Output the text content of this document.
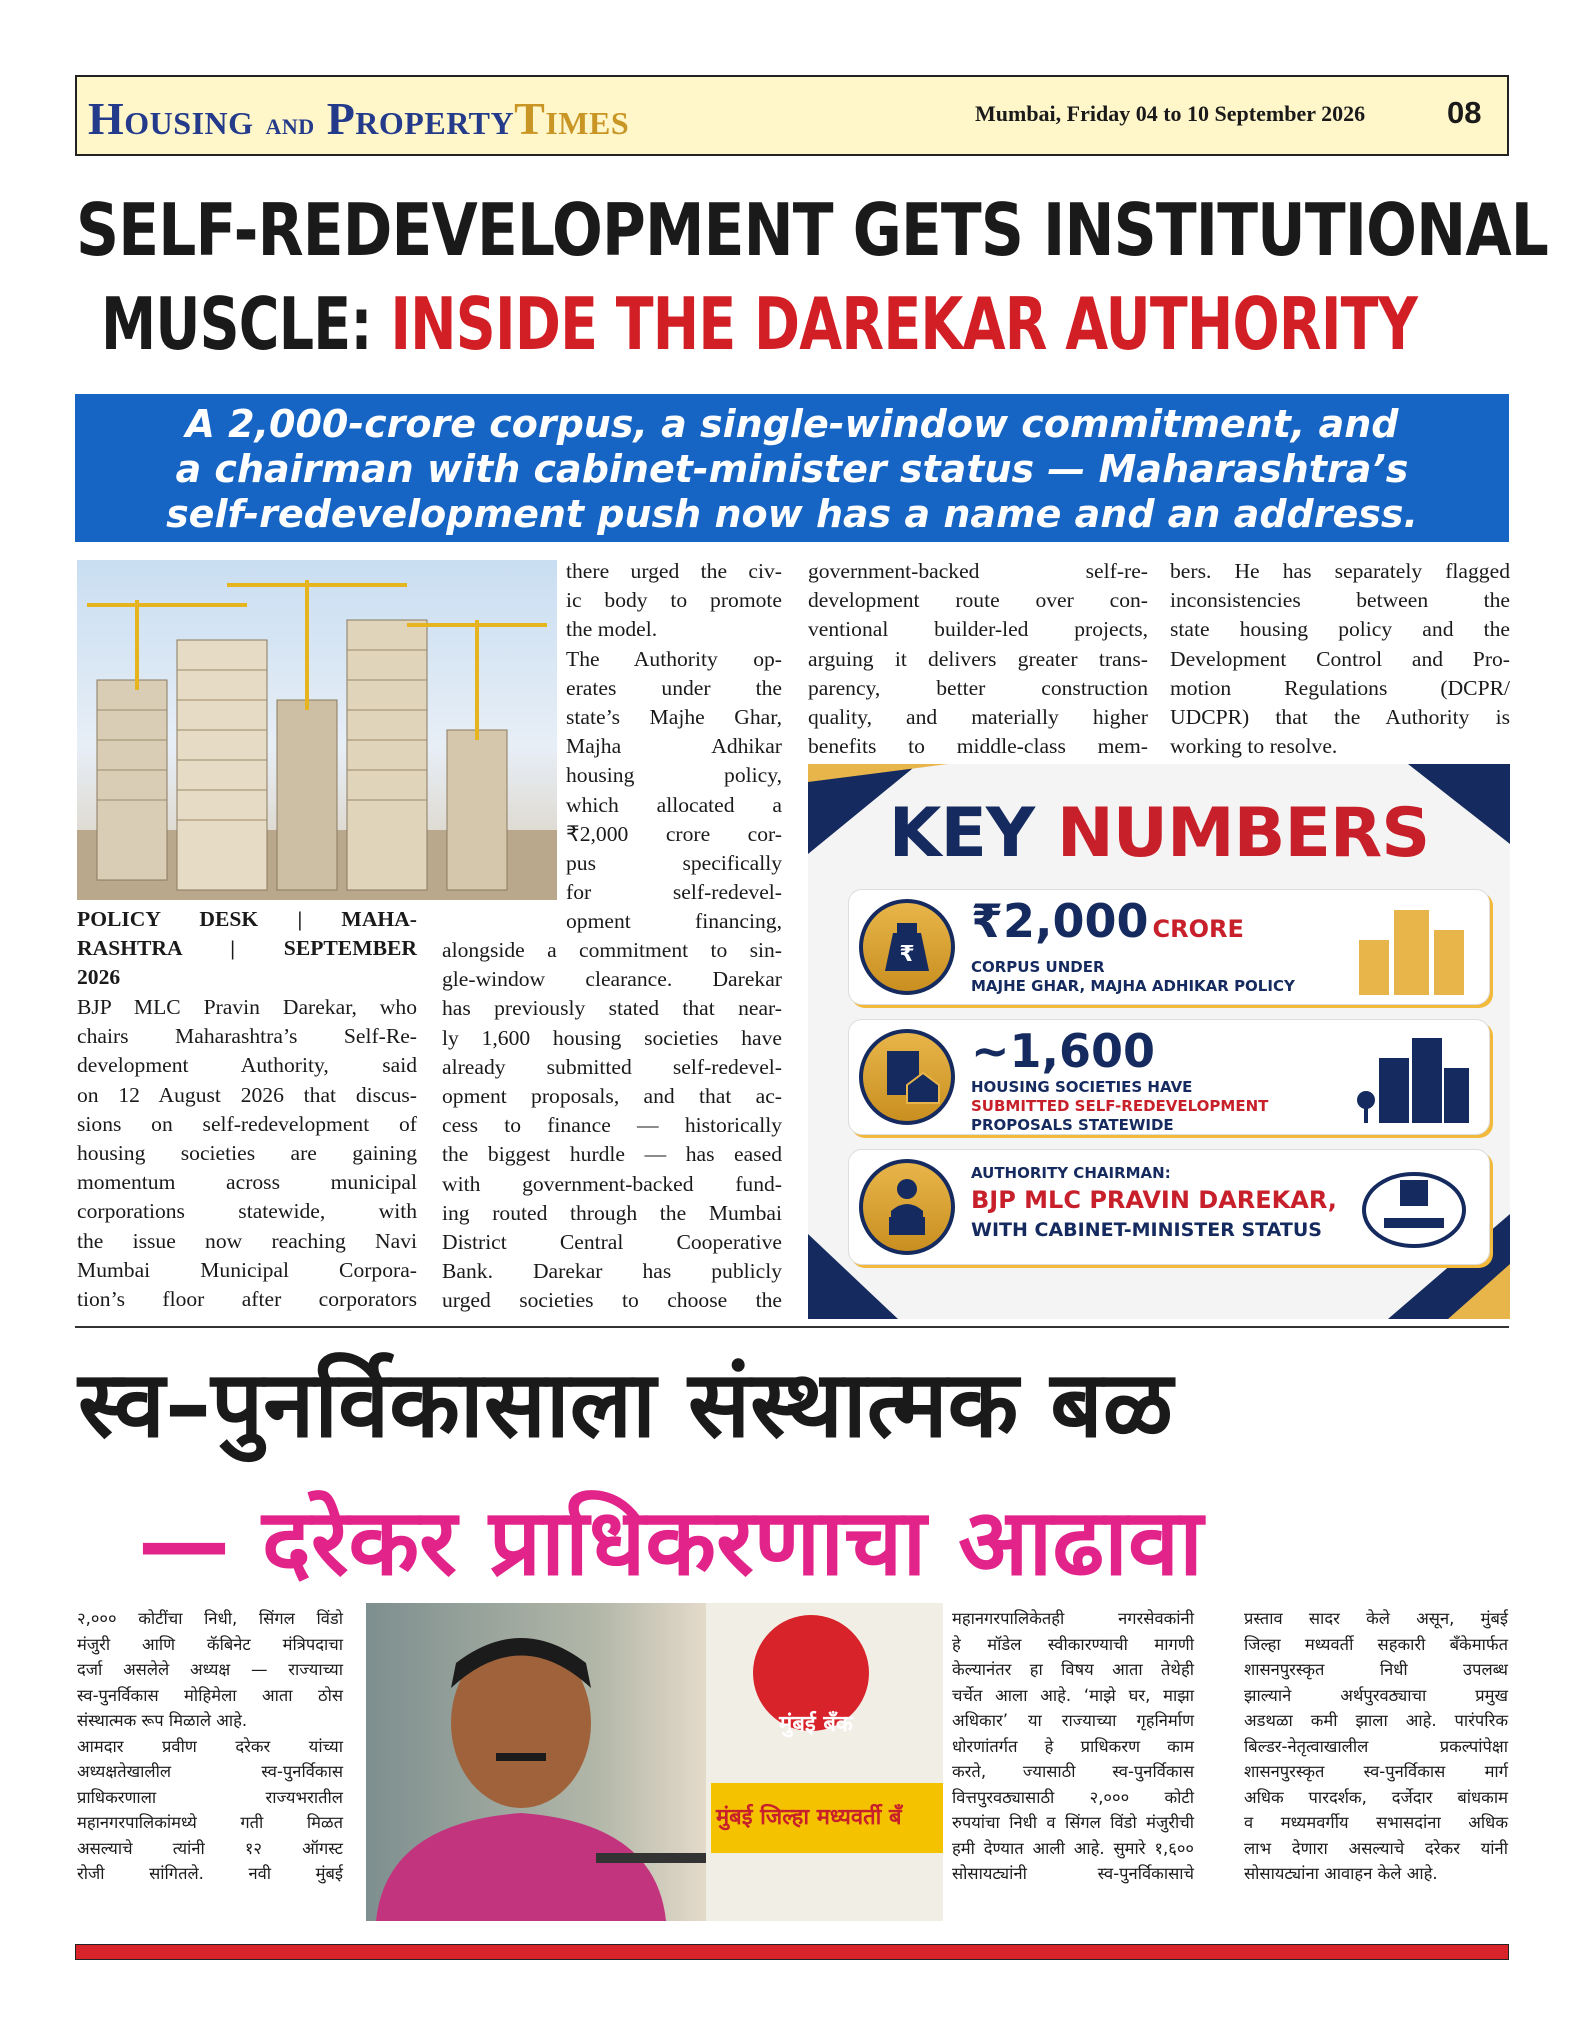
Housing and PropertyTimes	Mumbai, Friday 04 to 10 September 2026	08
SELF-REDEVELOPMENT GETS INSTITUTIONAL
MUSCLE: INSIDE THE DAREKAR AUTHORITY
A 2,000-crore corpus, a single-window commitment, and
a chairman with cabinet-minister status — Maharashtra’s
self-redevelopment push now has a name and an address.
POLICY DESK | MAHA-
RASHTRA | SEPTEMBER
2026
BJP MLC Pravin Darekar, who
chairs Maharashtra’s Self-Re-
development Authority, said
on 12 August 2026 that discus-
sions on self-redevelopment of
housing societies are gaining
momentum across municipal
corporations statewide, with
the issue now reaching Navi
Mumbai Municipal Corpora-
tion’s floor after corporators
there urged the civ-
ic body to promote
the model.
The Authority op-
erates under the
state’s Majhe Ghar,
Majha Adhikar
housing policy,
which allocated a
₹2,000 crore cor-
pus specifically
for self-redevel-
opment financing,
alongside a commitment to sin-
gle-window clearance. Darekar
has previously stated that near-
ly 1,600 housing societies have
already submitted self-redevel-
opment proposals, and that ac-
cess to finance — historically
the biggest hurdle — has eased
with government-backed fund-
ing routed through the Mumbai
District Central Cooperative
Bank. Darekar has publicly
urged societies to choose the
government-backed self-re-
development route over con-
ventional builder-led projects,
arguing it delivers greater trans-
parency, better construction
quality, and materially higher
benefits to middle-class mem-
bers. He has separately flagged
inconsistencies between the
state housing policy and the
Development Control and Pro-
motion Regulations (DCPR/
UDCPR) that the Authority is
working to resolve.
KEY NUMBERS
₹
₹2,000 CRORE
CORPUS UNDER
MAJHE GHAR, MAJHA ADHIKAR POLICY
~1,600
HOUSING SOCIETIES HAVE
SUBMITTED SELF-REDEVELOPMENT
PROPOSALS STATEWIDE
AUTHORITY CHAIRMAN:
BJP MLC PRAVIN DAREKAR,
WITH CABINET-MINISTER STATUS
स्व–पुनर्विकासाला संस्थात्मक बळ
— दरेकर प्राधिकरणाचा आढावा
२,००० कोटींचा निधी, सिंगल विंडो
मंजुरी आणि कॅबिनेट मंत्रिपदाचा
दर्जा असलेले अध्यक्ष — राज्याच्या
स्व-पुनर्विकास मोहिमेला आता ठोस
संस्थात्मक रूप मिळाले आहे.
आमदार प्रवीण दरेकर यांच्या
अध्यक्षतेखालील स्व-पुनर्विकास
प्राधिकरणाला राज्यभरातील
महानगरपालिकांमध्ये गती मिळत
असल्याचे त्यांनी १२ ऑगस्ट
रोजी सांगितले. नवी मुंबई
मुंबई बँक
मुंबई जिल्हा मध्यवर्ती बँ
महानगरपालिकेतही नगरसेवकांनी
हे मॉडेल स्वीकारण्याची मागणी
केल्यानंतर हा विषय आता तेथेही
चर्चेत आला आहे. ‘माझे घर, माझा
अधिकार’ या राज्याच्या गृहनिर्माण
धोरणांतर्गत हे प्राधिकरण काम
करते, ज्यासाठी स्व-पुनर्विकास
वित्तपुरवठ्यासाठी २,००० कोटी
रुपयांचा निधी व सिंगल विंडो मंजुरीची
हमी देण्यात आली आहे. सुमारे १,६००
सोसायट्यांनी स्व-पुनर्विकासाचे
प्रस्ताव सादर केले असून, मुंबई
जिल्हा मध्यवर्ती सहकारी बँकेमार्फत
शासनपुरस्कृत निधी उपलब्ध
झाल्याने अर्थपुरवठ्याचा प्रमुख
अडथळा कमी झाला आहे. पारंपरिक
बिल्डर-नेतृत्वाखालील प्रकल्पांपेक्षा
शासनपुरस्कृत स्व-पुनर्विकास मार्ग
अधिक पारदर्शक, दर्जेदार बांधकाम
व मध्यमवर्गीय सभासदांना अधिक
लाभ देणारा असल्याचे दरेकर यांनी
सोसायट्यांना आवाहन केले आहे.
